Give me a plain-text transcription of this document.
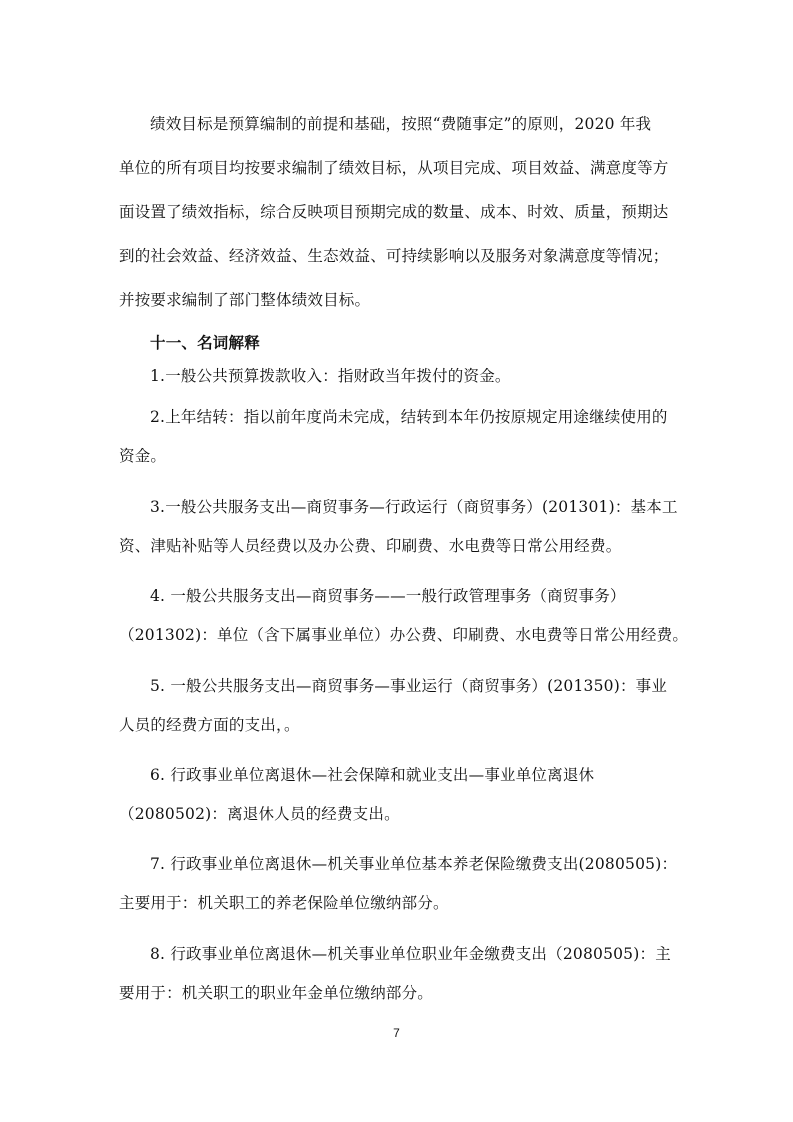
绩效目标是预算编制的前提和基础，按照“费随事定”的原则，2020 年我
单位的所有项目均按要求编制了绩效目标，从项目完成、项目效益、满意度等方
面设置了绩效指标，综合反映项目预期完成的数量、成本、时效、质量，预期达
到的社会效益、经济效益、生态效益、可持续影响以及服务对象满意度等情况；
并按要求编制了部门整体绩效目标。
十一、名词解释
1.一般公共预算拨款收入：指财政当年拨付的资金。
2.上年结转：指以前年度尚未完成，结转到本年仍按原规定用途继续使用的
资金。
3.一般公共服务支出—商贸事务—行政运行（商贸事务）(201301)：基本工
资、津贴补贴等人员经费以及办公费、印刷费、水电费等日常公用经费。
4. 一般公共服务支出—商贸事务——一般行政管理事务（商贸事务）
（201302)：单位（含下属事业单位）办公费、印刷费、水电费等日常公用经费。
5. 一般公共服务支出—商贸事务—事业运行（商贸事务）(201350)：事业
人员的经费方面的支出，。
6. 行政事业单位离退休—社会保障和就业支出—事业单位离退休
（2080502)：离退休人员的经费支出。
7. 行政事业单位离退休—机关事业单位基本养老保险缴费支出(2080505)：
主要用于：机关职工的养老保险单位缴纳部分。
8. 行政事业单位离退休—机关事业单位职业年金缴费支出（2080505)：主
要用于：机关职工的职业年金单位缴纳部分。
7
